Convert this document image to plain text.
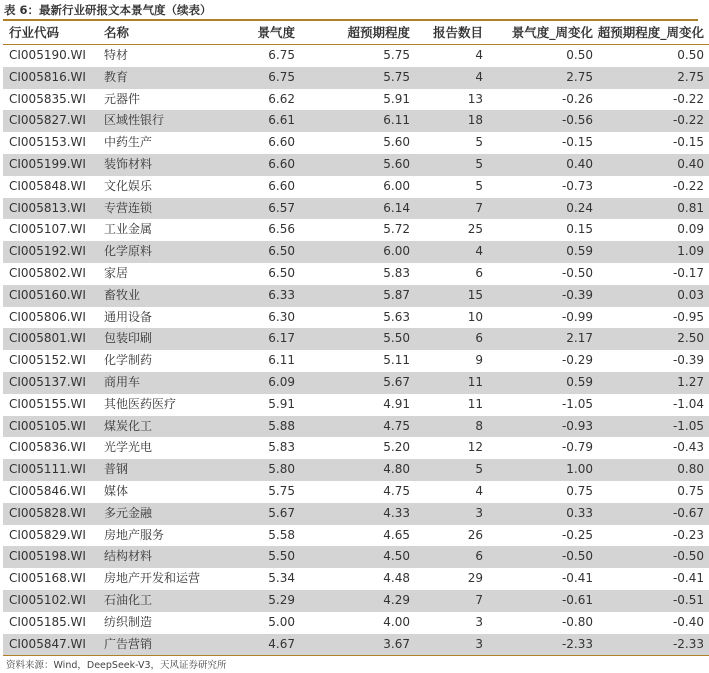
表 6：最新行业研报文本景气度（续表）
行业代码	名称	景气度	超预期程度	报告数目	景气度_周变化	超预期程度_周变化
CI005190.WI	特材	6.75	5.75	4	0.50	0.50
CI005816.WI	教育	6.75	5.75	4	2.75	2.75
CI005835.WI	元器件	6.62	5.91	13	-0.26	-0.22
CI005827.WI	区域性银行	6.61	6.11	18	-0.56	-0.22
CI005153.WI	中药生产	6.60	5.60	5	-0.15	-0.15
CI005199.WI	装饰材料	6.60	5.60	5	0.40	0.40
CI005848.WI	文化娱乐	6.60	6.00	5	-0.73	-0.22
CI005813.WI	专营连锁	6.57	6.14	7	0.24	0.81
CI005107.WI	工业金属	6.56	5.72	25	0.15	0.09
CI005192.WI	化学原料	6.50	6.00	4	0.59	1.09
CI005802.WI	家居	6.50	5.83	6	-0.50	-0.17
CI005160.WI	畜牧业	6.33	5.87	15	-0.39	0.03
CI005806.WI	通用设备	6.30	5.63	10	-0.99	-0.95
CI005801.WI	包装印刷	6.17	5.50	6	2.17	2.50
CI005152.WI	化学制药	6.11	5.11	9	-0.29	-0.39
CI005137.WI	商用车	6.09	5.67	11	0.59	1.27
CI005155.WI	其他医药医疗	5.91	4.91	11	-1.05	-1.04
CI005105.WI	煤炭化工	5.88	4.75	8	-0.93	-1.05
CI005836.WI	光学光电	5.83	5.20	12	-0.79	-0.43
CI005111.WI	普钢	5.80	4.80	5	1.00	0.80
CI005846.WI	媒体	5.75	4.75	4	0.75	0.75
CI005828.WI	多元金融	5.67	4.33	3	0.33	-0.67
CI005829.WI	房地产服务	5.58	4.65	26	-0.25	-0.23
CI005198.WI	结构材料	5.50	4.50	6	-0.50	-0.50
CI005168.WI	房地产开发和运营	5.34	4.48	29	-0.41	-0.41
CI005102.WI	石油化工	5.29	4.29	7	-0.61	-0.51
CI005185.WI	纺织制造	5.00	4.00	3	-0.80	-0.40
CI005847.WI	广告营销	4.67	3.67	3	-2.33	-2.33
资料来源：Wind，DeepSeek-V3，天风证券研究所
